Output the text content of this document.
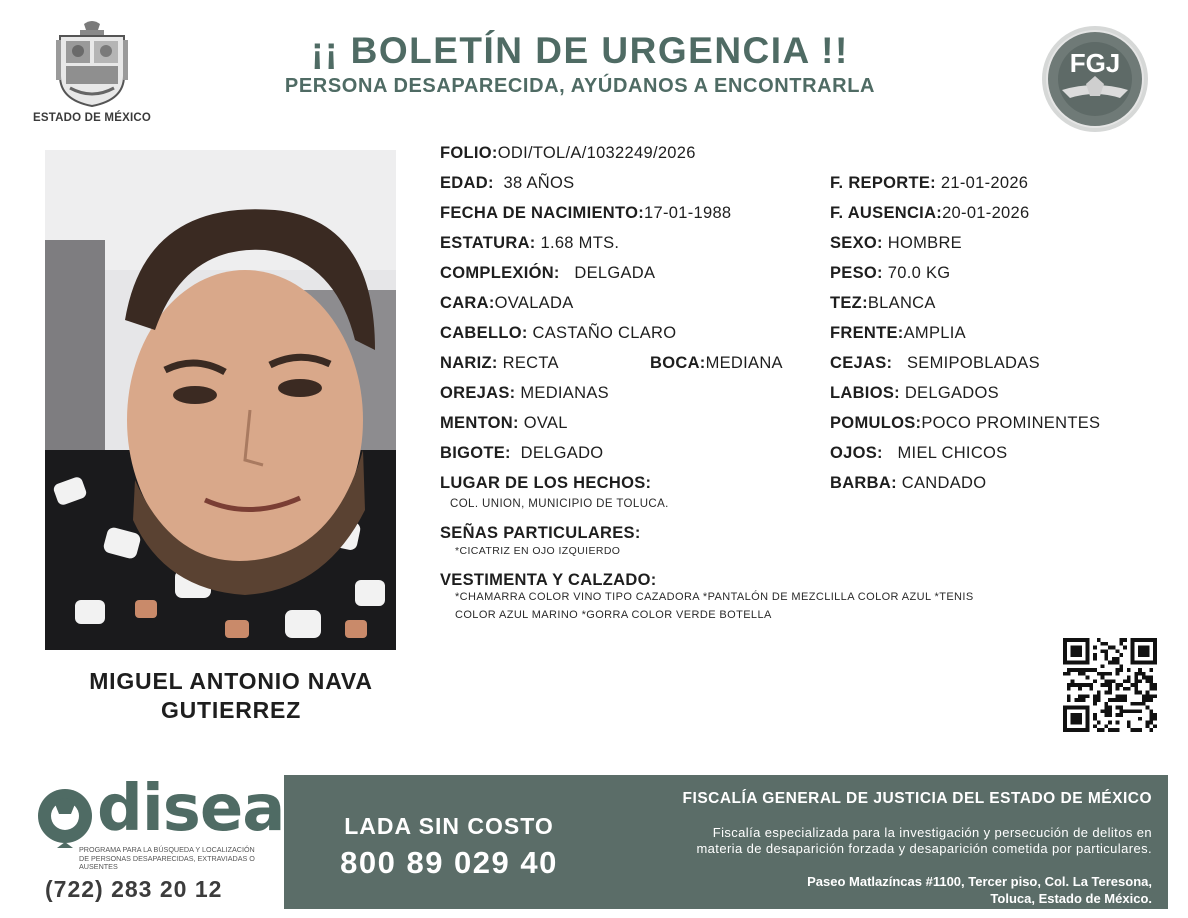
ESTADO DE MÉXICO
¡¡ BOLETÍN DE URGENCIA !!
PERSONA DESAPARECIDA, AYÚDANOS A ENCONTRARLA
FGJ
MIGUEL ANTONIO NAVA
GUTIERREZ
FOLIO:ODI/TOL/A/1032249/2026
EDAD: 38 AÑOS
FECHA DE NACIMIENTO:17-01-1988
ESTATURA: 1.68 MTS.
COMPLEXIÓN: DELGADA
CARA:OVALADA
CABELLO: CASTAÑO CLARO
NARIZ: RECTA	BOCA:MEDIANA
OREJAS: MEDIANAS
MENTON: OVAL
BIGOTE: DELGADO
F. REPORTE: 21-01-2026
F. AUSENCIA:20-01-2026
SEXO: HOMBRE
PESO: 70.0 KG
TEZ:BLANCA
FRENTE:AMPLIA
CEJAS: SEMIPOBLADAS
LABIOS: DELGADOS
POMULOS:POCO PROMINENTES
OJOS: MIEL CHICOS
BARBA: CANDADO
LUGAR DE LOS HECHOS:
COL. UNION, MUNICIPIO DE TOLUCA.
SEÑAS PARTICULARES:
*CICATRIZ EN OJO IZQUIERDO
VESTIMENTA Y CALZADO:
*CHAMARRA COLOR VINO TIPO CAZADORA *PANTALÓN DE MEZCLILLA COLOR AZUL *TENIS
COLOR AZUL MARINO *GORRA COLOR VERDE BOTELLA
disea
PROGRAMA PARA LA BÚSQUEDA Y LOCALIZACIÓN
DE PERSONAS DESAPARECIDAS, EXTRAVIADAS O
AUSENTES
(722) 283 20 12
LADA SIN COSTO
800 89 029 40
FISCALÍA GENERAL DE JUSTICIA DEL ESTADO DE MÉXICO
Fiscalía especializada para la investigación y persecución de delitos en
materia de desaparición forzada y desaparición cometida por particulares.
Paseo Matlazíncas #1100, Tercer piso, Col. La Teresona,
Toluca, Estado de México.
